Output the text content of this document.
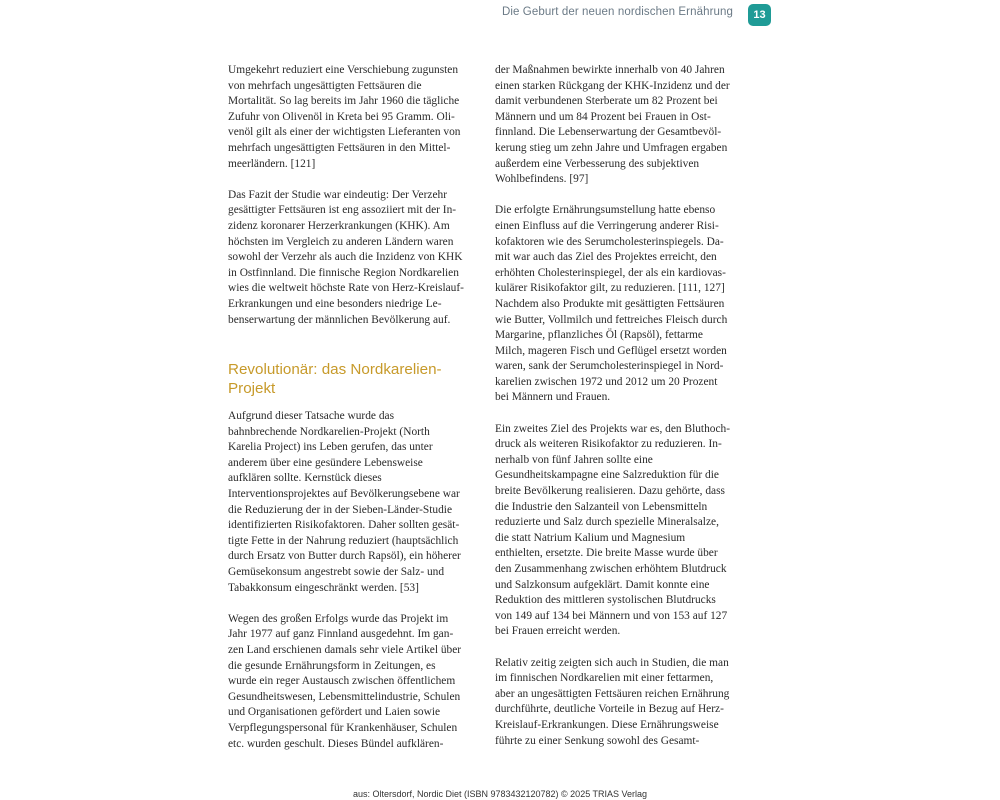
Die Geburt der neuen nordischen Ernährung	13

Umgekehrt reduziert eine Verschiebung zugunsten von mehrfach ungesättigten Fettsäuren die Mortalität. So lag bereits im Jahr 1960 die tägliche Zufuhr von Olivenöl in Kreta bei 95 Gramm. Olivenöl gilt als einer der wichtigsten Lieferanten von mehrfach ungesättigten Fettsäuren in den Mittelmeerländern. [121]

Das Fazit der Studie war eindeutig: Der Verzehr gesättigter Fettsäuren ist eng assoziiert mit der Inzidenz koronarer Herzerkrankungen (KHK). Am höchsten im Vergleich zu anderen Ländern waren sowohl der Verzehr als auch die Inzidenz von KHK in Ostfinnland. Die finnische Region Nordkarelien wies die weltweit höchste Rate von Herz-Kreislauf-Erkrankungen und eine besonders niedrige Lebenserwartung der männlichen Bevölkerung auf.

Revolutionär: das Nordkarelien-Projekt

Aufgrund dieser Tatsache wurde das bahnbrechende Nordkarelien-Projekt (North Karelia Project) ins Leben gerufen, das unter anderem über eine gesündere Lebensweise aufklären sollte. Kernstück dieses Interventionsprojektes auf Bevölkerungsebene war die Reduzierung der in der Sieben-Länder-Studie identifizierten Risikofaktoren. Daher sollten gesättigte Fette in der Nahrung reduziert (hauptsächlich durch Ersatz von Butter durch Rapsöl), ein höherer Gemüsekonsum angestrebt sowie der Salz- und Tabakkonsum eingeschränkt werden. [53]

Wegen des großen Erfolgs wurde das Projekt im Jahr 1977 auf ganz Finnland ausgedehnt. Im ganzen Land erschienen damals sehr viele Artikel über die gesunde Ernährungsform in Zeitungen, es wurde ein reger Austausch zwischen öffentlichem Gesundheitswesen, Lebensmittelindustrie, Schulen und Organisationen gefördert und Laien sowie Verpflegungspersonal für Krankenhäuser, Schulen etc. wurden geschult. Dieses Bündel aufklären-

der Maßnahmen bewirkte innerhalb von 40 Jahren einen starken Rückgang der KHK-Inzidenz und der damit verbundenen Sterberate um 82 Prozent bei Männern und um 84 Prozent bei Frauen in Ostfinnland. Die Lebenserwartung der Gesamtbevölkerung stieg um zehn Jahre und Umfragen ergaben außerdem eine Verbesserung des subjektiven Wohlbefindens. [97]

Die erfolgte Ernährungsumstellung hatte ebenso einen Einfluss auf die Verringerung anderer Risikofaktoren wie des Serumcholesterinspiegels. Damit war auch das Ziel des Projektes erreicht, den erhöhten Cholesterinspiegel, der als ein kardiovaskulärer Risikofaktor gilt, zu reduzieren. [111, 127] Nachdem also Produkte mit gesättigten Fettsäuren wie Butter, Vollmilch und fettreiches Fleisch durch Margarine, pflanzliches Öl (Rapsöl), fettarme Milch, mageren Fisch und Geflügel ersetzt worden waren, sank der Serumcholesterinspiegel in Nordkarelien zwischen 1972 und 2012 um 20 Prozent bei Männern und Frauen.

Ein zweites Ziel des Projekts war es, den Bluthochdruck als weiteren Risikofaktor zu reduzieren. Innerhalb von fünf Jahren sollte eine Gesundheitskampagne eine Salzreduktion für die breite Bevölkerung realisieren. Dazu gehörte, dass die Industrie den Salzanteil von Lebensmitteln reduzierte und Salz durch spezielle Mineralsalze, die statt Natrium Kalium und Magnesium enthielten, ersetzte. Die breite Masse wurde über den Zusammenhang zwischen erhöhtem Blutdruck und Salzkonsum aufgeklärt. Damit konnte eine Reduktion des mittleren systolischen Blutdrucks von 149 auf 134 bei Männern und von 153 auf 127 bei Frauen erreicht werden.

Relativ zeitig zeigten sich auch in Studien, die man im finnischen Nordkarelien mit einer fettarmen, aber an ungesättigten Fettsäuren reichen Ernährung durchführte, deutliche Vorteile in Bezug auf Herz-Kreislauf-Erkrankungen. Diese Ernährungsweise führte zu einer Senkung sowohl des Gesamt-

aus: Oltersdorf, Nordic Diet (ISBN 9783432120782) © 2025 TRIAS Verlag
